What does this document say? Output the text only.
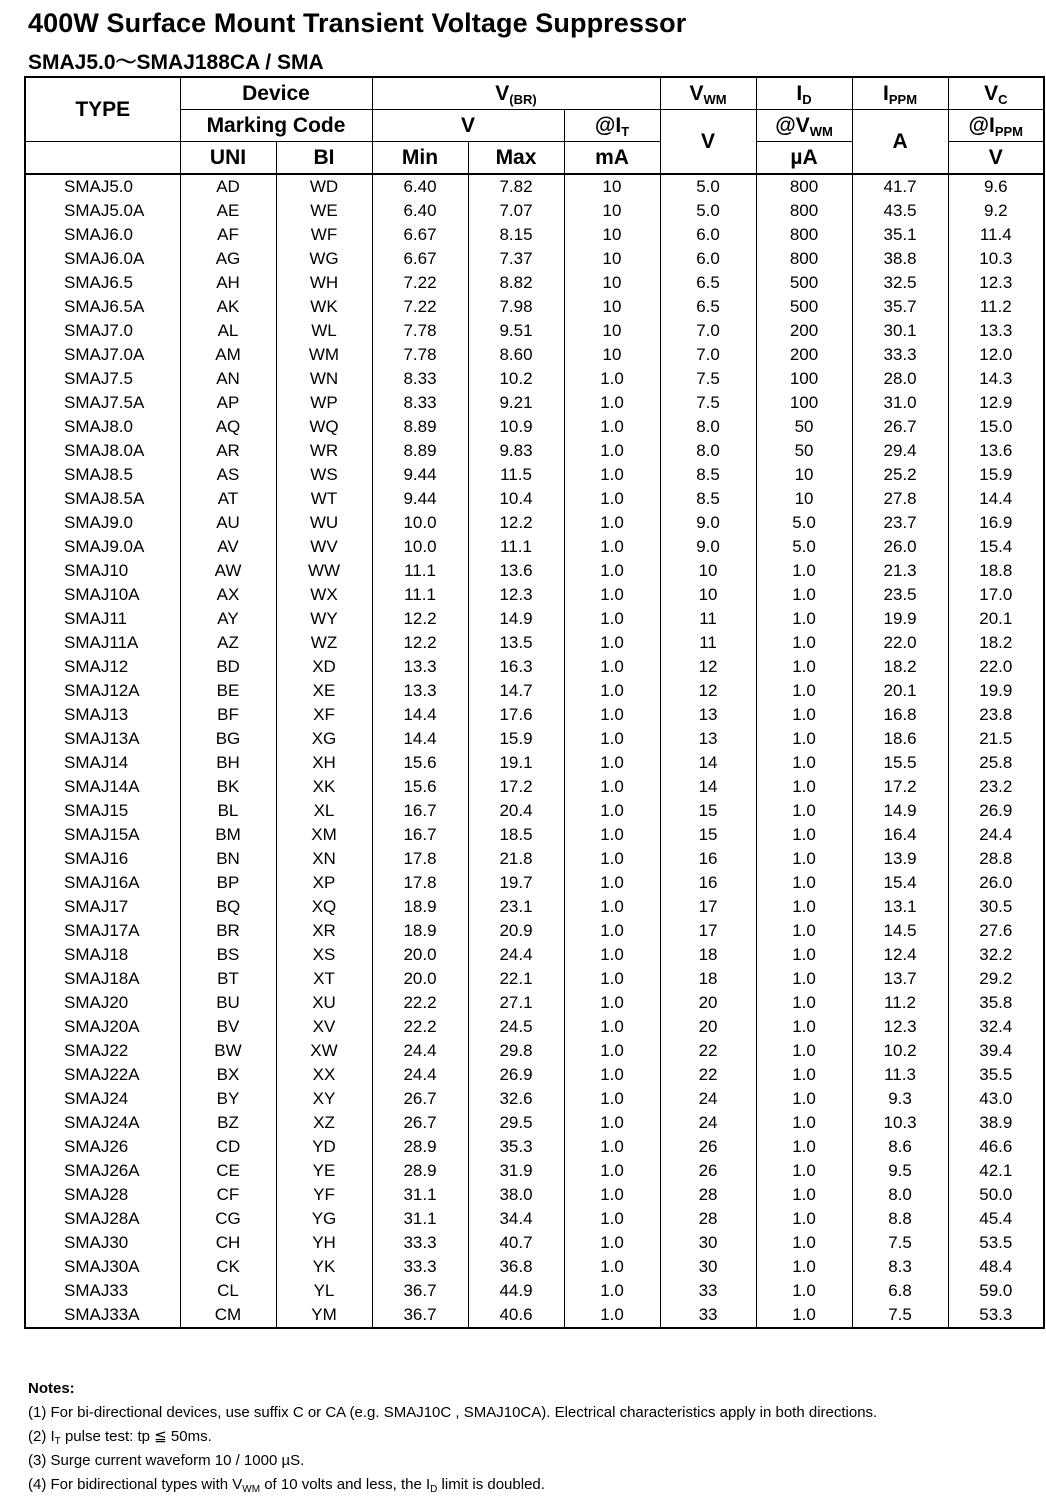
400W Surface Mount Transient Voltage Suppressor
SMAJ5.0～SMAJ188CA / SMA
TYPE	Device		$V_{(BR)}$			$V_{WM}$	$I_D$	$I_{PPM}$	$V_C$
	Marking Code		V		$@I_T$	V	$@V_{WM}$	A	$@I_{PPM}$
	UNI	BI	Min	Max	mA		µA		V
SMAJ5.0	AD	WD	6.40	7.82	10	5.0	800	41.7	9.6
SMAJ5.0A	AE	WE	6.40	7.07	10	5.0	800	43.5	9.2
SMAJ6.0	AF	WF	6.67	8.15	10	6.0	800	35.1	11.4
SMAJ6.0A	AG	WG	6.67	7.37	10	6.0	800	38.8	10.3
SMAJ6.5	AH	WH	7.22	8.82	10	6.5	500	32.5	12.3
SMAJ6.5A	AK	WK	7.22	7.98	10	6.5	500	35.7	11.2
SMAJ7.0	AL	WL	7.78	9.51	10	7.0	200	30.1	13.3
SMAJ7.0A	AM	WM	7.78	8.60	10	7.0	200	33.3	12.0
SMAJ7.5	AN	WN	8.33	10.2	1.0	7.5	100	28.0	14.3
SMAJ7.5A	AP	WP	8.33	9.21	1.0	7.5	100	31.0	12.9
SMAJ8.0	AQ	WQ	8.89	10.9	1.0	8.0	50	26.7	15.0
SMAJ8.0A	AR	WR	8.89	9.83	1.0	8.0	50	29.4	13.6
SMAJ8.5	AS	WS	9.44	11.5	1.0	8.5	10	25.2	15.9
SMAJ8.5A	AT	WT	9.44	10.4	1.0	8.5	10	27.8	14.4
SMAJ9.0	AU	WU	10.0	12.2	1.0	9.0	5.0	23.7	16.9
SMAJ9.0A	AV	WV	10.0	11.1	1.0	9.0	5.0	26.0	15.4
SMAJ10	AW	WW	11.1	13.6	1.0	10	1.0	21.3	18.8
SMAJ10A	AX	WX	11.1	12.3	1.0	10	1.0	23.5	17.0
SMAJ11	AY	WY	12.2	14.9	1.0	11	1.0	19.9	20.1
SMAJ11A	AZ	WZ	12.2	13.5	1.0	11	1.0	22.0	18.2
SMAJ12	BD	XD	13.3	16.3	1.0	12	1.0	18.2	22.0
SMAJ12A	BE	XE	13.3	14.7	1.0	12	1.0	20.1	19.9
SMAJ13	BF	XF	14.4	17.6	1.0	13	1.0	16.8	23.8
SMAJ13A	BG	XG	14.4	15.9	1.0	13	1.0	18.6	21.5
SMAJ14	BH	XH	15.6	19.1	1.0	14	1.0	15.5	25.8
SMAJ14A	BK	XK	15.6	17.2	1.0	14	1.0	17.2	23.2
SMAJ15	BL	XL	16.7	20.4	1.0	15	1.0	14.9	26.9
SMAJ15A	BM	XM	16.7	18.5	1.0	15	1.0	16.4	24.4
SMAJ16	BN	XN	17.8	21.8	1.0	16	1.0	13.9	28.8
SMAJ16A	BP	XP	17.8	19.7	1.0	16	1.0	15.4	26.0
SMAJ17	BQ	XQ	18.9	23.1	1.0	17	1.0	13.1	30.5
SMAJ17A	BR	XR	18.9	20.9	1.0	17	1.0	14.5	27.6
SMAJ18	BS	XS	20.0	24.4	1.0	18	1.0	12.4	32.2
SMAJ18A	BT	XT	20.0	22.1	1.0	18	1.0	13.7	29.2
SMAJ20	BU	XU	22.2	27.1	1.0	20	1.0	11.2	35.8
SMAJ20A	BV	XV	22.2	24.5	1.0	20	1.0	12.3	32.4
SMAJ22	BW	XW	24.4	29.8	1.0	22	1.0	10.2	39.4
SMAJ22A	BX	XX	24.4	26.9	1.0	22	1.0	11.3	35.5
SMAJ24	BY	XY	26.7	32.6	1.0	24	1.0	9.3	43.0
SMAJ24A	BZ	XZ	26.7	29.5	1.0	24	1.0	10.3	38.9
SMAJ26	CD	YD	28.9	35.3	1.0	26	1.0	8.6	46.6
SMAJ26A	CE	YE	28.9	31.9	1.0	26	1.0	9.5	42.1
SMAJ28	CF	YF	31.1	38.0	1.0	28	1.0	8.0	50.0
SMAJ28A	CG	YG	31.1	34.4	1.0	28	1.0	8.8	45.4
SMAJ30	CH	YH	33.3	40.7	1.0	30	1.0	7.5	53.5
SMAJ30A	CK	YK	33.3	36.8	1.0	30	1.0	8.3	48.4
SMAJ33	CL	YL	36.7	44.9	1.0	33	1.0	6.8	59.0
SMAJ33A	CM	YM	36.7	40.6	1.0	33	1.0	7.5	53.3
Notes:
(1) For bi-directional devices, use suffix C or CA (e.g. SMAJ10C , SMAJ10CA). Electrical characteristics apply in both directions.
(2) $I_T$ pulse test: tp ≦ 50ms.
(3) Surge current waveform 10 / 1000 µS.
(4) For bidirectional types with $V_{WM}$ of 10 volts and less, the $I_D$ limit is doubled.
